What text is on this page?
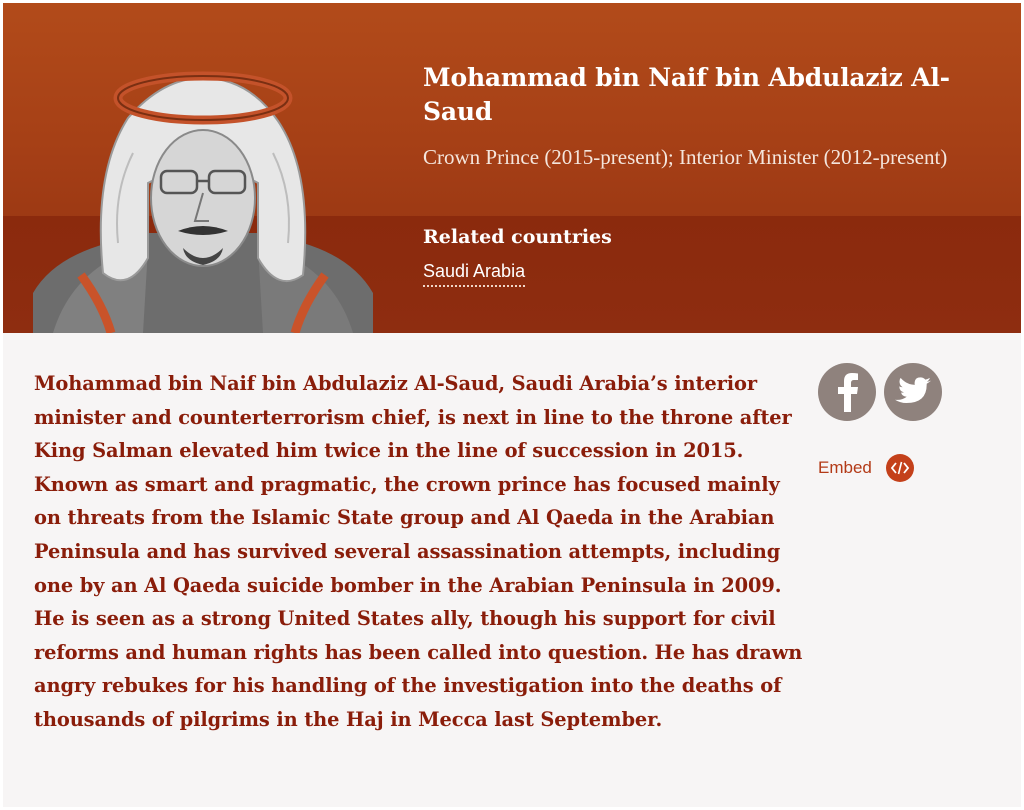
Mohammad bin Naif bin Abdulaziz Al-Saud
Crown Prince (2015-present); Interior Minister (2012-present)
Related countries
Saudi Arabia

Mohammad bin Naif bin Abdulaziz Al-Saud, Saudi Arabia’s interior minister and counterterrorism chief, is next in line to the throne after King Salman elevated him twice in the line of succession in 2015. Known as smart and pragmatic, the crown prince has focused mainly on threats from the Islamic State group and Al Qaeda in the Arabian Peninsula and has survived several assassination attempts, including one by an Al Qaeda suicide bomber in the Arabian Peninsula in 2009. He is seen as a strong United States ally, though his support for civil reforms and human rights has been called into question. He has drawn angry rebukes for his handling of the investigation into the deaths of thousands of pilgrims in the Haj in Mecca last September.

Embed
